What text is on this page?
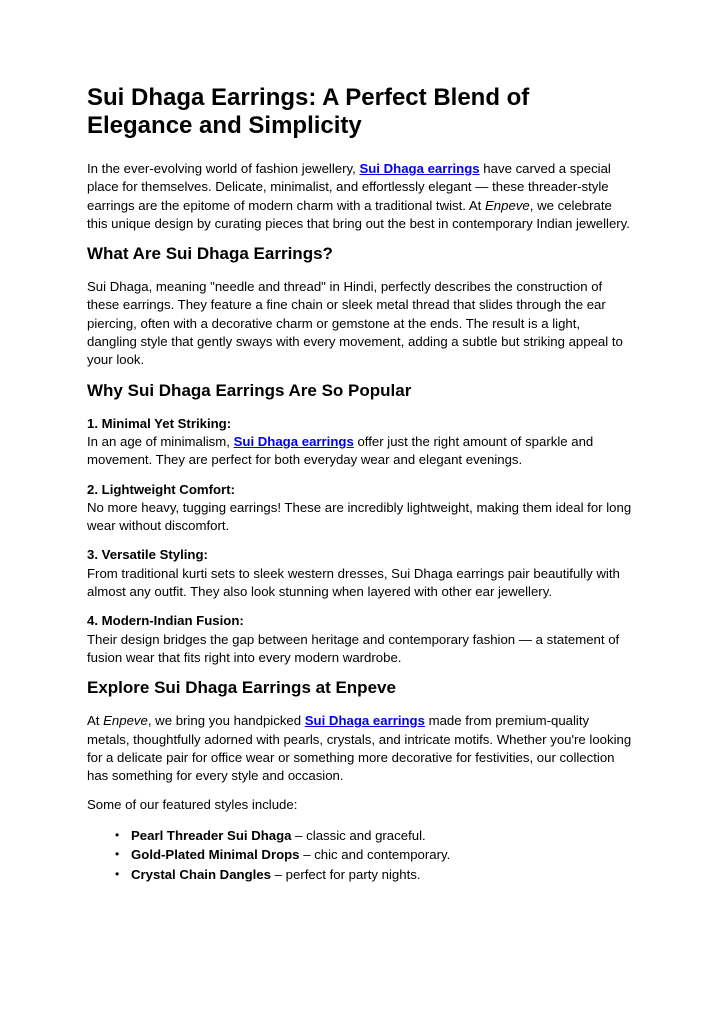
Sui Dhaga Earrings: A Perfect Blend of Elegance and Simplicity

In the ever-evolving world of fashion jewellery, Sui Dhaga earrings have carved a special place for themselves. Delicate, minimalist, and effortlessly elegant — these threader-style earrings are the epitome of modern charm with a traditional twist. At Enpeve, we celebrate this unique design by curating pieces that bring out the best in contemporary Indian jewellery.

What Are Sui Dhaga Earrings?

Sui Dhaga, meaning "needle and thread" in Hindi, perfectly describes the construction of these earrings. They feature a fine chain or sleek metal thread that slides through the ear piercing, often with a decorative charm or gemstone at the ends. The result is a light, dangling style that gently sways with every movement, adding a subtle but striking appeal to your look.

Why Sui Dhaga Earrings Are So Popular

1. Minimal Yet Striking:
In an age of minimalism, Sui Dhaga earrings offer just the right amount of sparkle and movement. They are perfect for both everyday wear and elegant evenings.

2. Lightweight Comfort:
No more heavy, tugging earrings! These are incredibly lightweight, making them ideal for long wear without discomfort.

3. Versatile Styling:
From traditional kurti sets to sleek western dresses, Sui Dhaga earrings pair beautifully with almost any outfit. They also look stunning when layered with other ear jewellery.

4. Modern-Indian Fusion:
Their design bridges the gap between heritage and contemporary fashion — a statement of fusion wear that fits right into every modern wardrobe.

Explore Sui Dhaga Earrings at Enpeve

At Enpeve, we bring you handpicked Sui Dhaga earrings made from premium-quality metals, thoughtfully adorned with pearls, crystals, and intricate motifs. Whether you're looking for a delicate pair for office wear or something more decorative for festivities, our collection has something for every style and occasion.

Some of our featured styles include:

• Pearl Threader Sui Dhaga – classic and graceful.
• Gold-Plated Minimal Drops – chic and contemporary.
• Crystal Chain Dangles – perfect for party nights.
